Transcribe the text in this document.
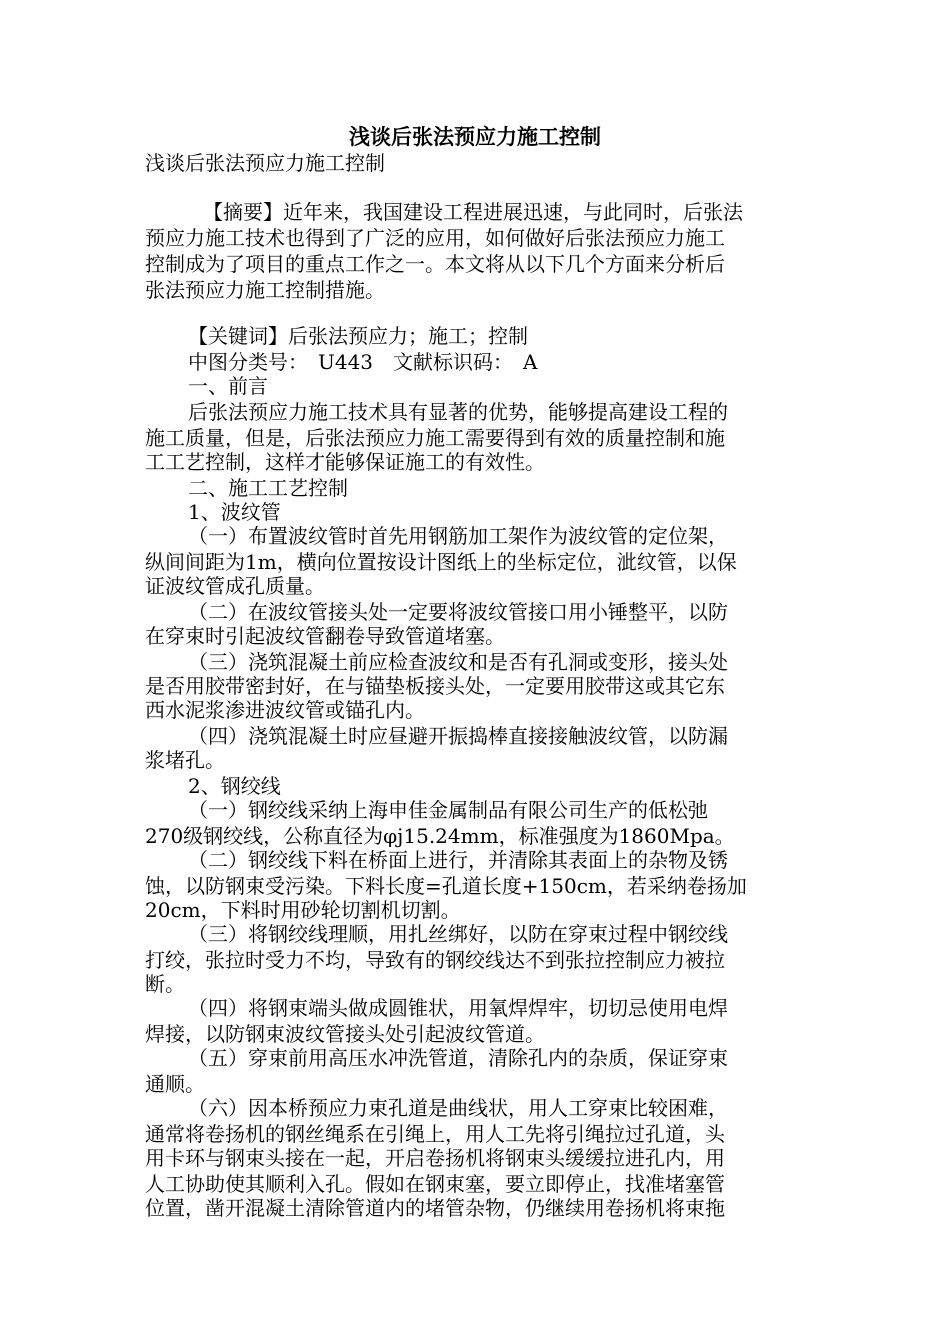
浅谈后张法预应力施工控制
浅谈后张法预应力施工控制
【摘要】近年来，我国建设工程进展迅速，与此同时，后张法
预应力施工技术也得到了广泛的应用，如何做好后张法预应力施工
控制成为了项目的重点工作之一。本文将从以下几个方面来分析后
张法预应力施工控制措施。
【关键词】后张法预应力；施工；控制
中图分类号：　U443　文献标识码：　A
一、前言
后张法预应力施工技术具有显著的优势，能够提高建设工程的
施工质量，但是，后张法预应力施工需要得到有效的质量控制和施
工工艺控制，这样才能够保证施工的有效性。
二、施工工艺控制
1、波纹管
（一）布置波纹管时首先用钢筋加工架作为波纹管的定位架，
纵间间距为1m，横向位置按设计图纸上的坐标定位，泚纹管，以保
证波纹管成孔质量。
（二）在波纹管接头处一定要将波纹管接口用小锤整平，以防
在穿束时引起波纹管翻卷导致管道堵塞。
（三）浇筑混凝土前应检查波纹和是否有孔洞或变形，接头处
是否用胶带密封好，在与锚垫板接头处，一定要用胶带这或其它东
西水泥浆渗进波纹管或锚孔内。
（四）浇筑混凝土时应昼避开振捣棒直接接触波纹管，以防漏
浆堵孔。
2、钢绞线
（一）钢绞线采纳上海申佳金属制品有限公司生产的低松弛
270级钢绞线，公称直径为φj15.24mm，标准强度为1860Mpa。
（二）钢绞线下料在桥面上进行，并清除其表面上的杂物及锈
蚀，以防钢束受污染。下料长度=孔道长度+150cm，若采纳卷扬加
20cm，下料时用砂轮切割机切割。
（三）将钢绞线理顺，用扎丝绑好，以防在穿束过程中钢绞线
打绞，张拉时受力不均，导致有的钢绞线达不到张拉控制应力被拉
断。
（四）将钢束端头做成圆锥状，用氧焊焊牢，切切忌使用电焊
焊接，以防钢束波纹管接头处引起波纹管道。
（五）穿束前用高压水冲洗管道，清除孔内的杂质，保证穿束
通顺。
（六）因本桥预应力束孔道是曲线状，用人工穿束比较困难，
通常将卷扬机的钢丝绳系在引绳上，用人工先将引绳拉过孔道，头
用卡环与钢束头接在一起，开启卷扬机将钢束头缓缓拉进孔内，用
人工协助使其顺利入孔。假如在钢束塞，要立即停止，找准堵塞管
位置，凿开混凝土清除管道内的堵管杂物，仍继续用卷扬机将束拖
